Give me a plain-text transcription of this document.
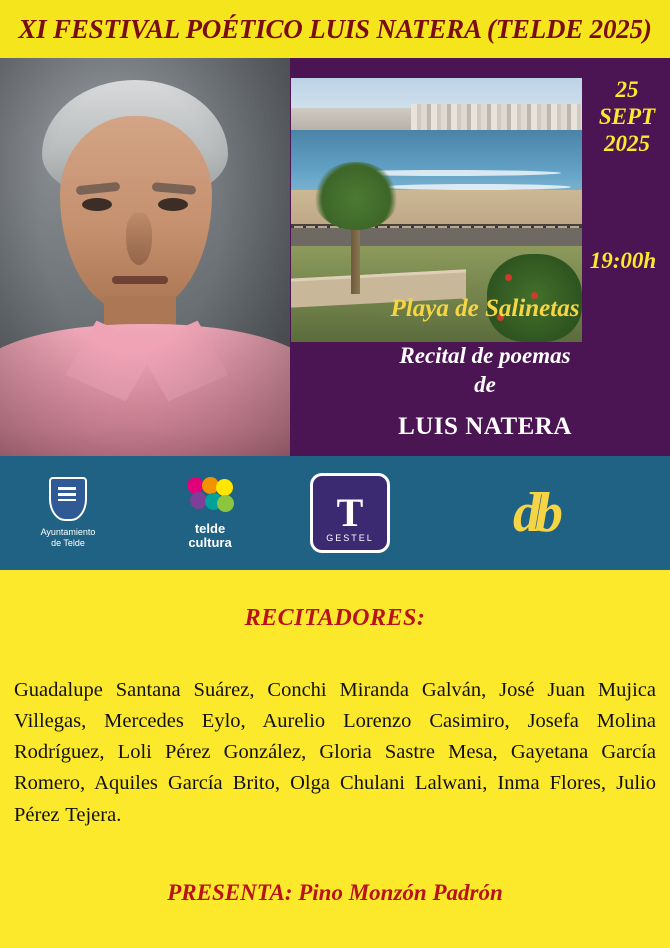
XI FESTIVAL POÉTICO LUIS NATERA (TELDE 2025)
25
SEPT
2025
19:00h
Playa de Salinetas
Recital de poemas
de
LUIS NATERA
Ayuntamiento
de Telde
telde
cultura
T
GESTEL db
RECITADORES:
Guadalupe Santana Suárez, Conchi Miranda Galván, José Juan Mujica Villegas, Mercedes Eylo, Aurelio Lorenzo Casimiro, Josefa Molina Rodríguez, Loli Pérez González, Gloria Sastre Mesa, Gayetana García Romero, Aquiles García Brito, Olga Chulani Lalwani, Inma Flores, Julio Pérez Tejera.
PRESENTA: Pino Monzón Padrón
